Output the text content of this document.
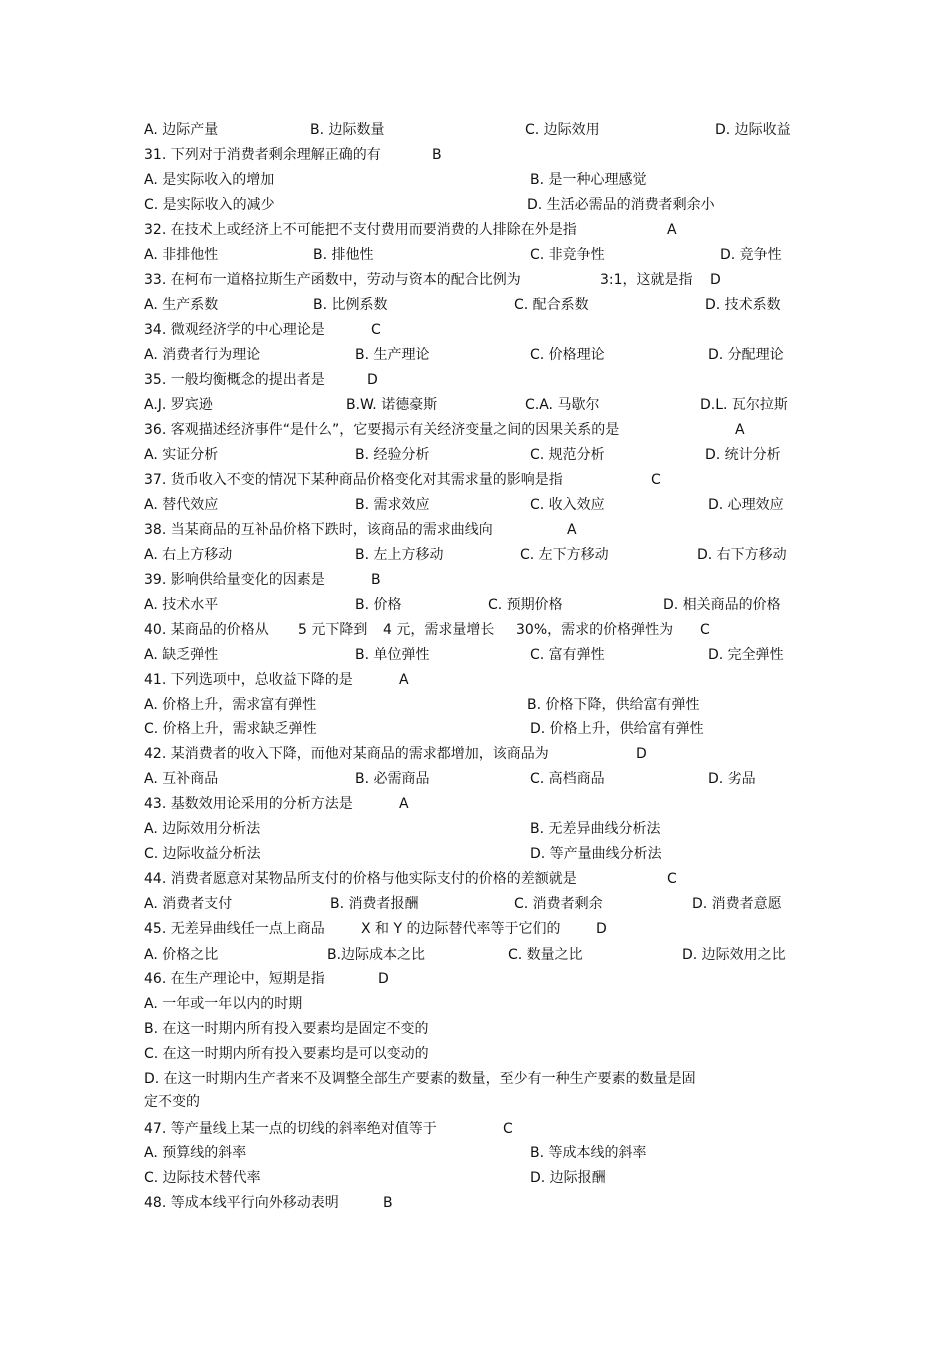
A. 边际产量	B. 边际数量	C. 边际效用	D. 边际收益
31. 下列对于消费者剩余理解正确的有	B
A. 是实际收入的增加	B. 是一种心理感觉
C. 是实际收入的减少	D. 生活必需品的消费者剩余小
32. 在技术上或经济上不可能把不支付费用而要消费的人排除在外是指	A
A. 非排他性	B. 排他性	C. 非竞争性	D. 竞争性
33. 在柯布一道格拉斯生产函数中，劳动与资本的配合比例为	3:1，这就是指 D
A. 生产系数	B. 比例系数	C. 配合系数	D. 技术系数
34. 微观经济学的中心理论是	C
A. 消费者行为理论	B. 生产理论	C. 价格理论	D. 分配理论
35. 一般均衡概念的提出者是	D
A.J. 罗宾逊	B.W. 诺德豪斯	C.A. 马歇尔	D.L. 瓦尔拉斯
36. 客观描述经济事件“是什么”，它要揭示有关经济变量之间的因果关系的是	A
A. 实证分析	B. 经验分析	C. 规范分析	D. 统计分析
37. 货币收入不变的情况下某种商品价格变化对其需求量的影响是指	C
A. 替代效应	B. 需求效应	C. 收入效应	D. 心理效应
38. 当某商品的互补品价格下跌时，该商品的需求曲线向	A
A. 右上方移动	B. 左上方移动	C. 左下方移动	D. 右下方移动
39. 影响供给量变化的因素是	B
A. 技术水平	B. 价格	C. 预期价格	D. 相关商品的价格
40. 某商品的价格从 5 元下降到 4 元，需求量增长 30%，需求的价格弹性为 C
A. 缺乏弹性	B. 单位弹性	C. 富有弹性	D. 完全弹性
41. 下列选项中，总收益下降的是	A
A. 价格上升，需求富有弹性	B. 价格下降，供给富有弹性
C. 价格上升，需求缺乏弹性	D. 价格上升，供给富有弹性
42. 某消费者的收入下降，而他对某商品的需求都增加，该商品为	D
A. 互补商品	B. 必需商品	C. 高档商品	D. 劣品
43. 基数效用论采用的分析方法是	A
A. 边际效用分析法	B. 无差异曲线分析法
C. 边际收益分析法	D. 等产量曲线分析法
44. 消费者愿意对某物品所支付的价格与他实际支付的价格的差额就是	C
A. 消费者支付	B. 消费者报酬	C. 消费者剩余	D. 消费者意愿
45. 无差异曲线任一点上商品	X 和 Y 的边际替代率等于它们的	D
A. 价格之比	B.边际成本之比	C. 数量之比	D. 边际效用之比
46. 在生产理论中，短期是指	D
A. 一年或一年以内的时期
B. 在这一时期内所有投入要素均是固定不变的
C. 在这一时期内所有投入要素均是可以变动的
D. 在这一时期内生产者来不及调整全部生产要素的数量，至少有一种生产要素的数量是固
定不变的
47. 等产量线上某一点的切线的斜率绝对值等于	C
A. 预算线的斜率	B. 等成本线的斜率
C. 边际技术替代率	D. 边际报酬
48. 等成本线平行向外移动表明	B
